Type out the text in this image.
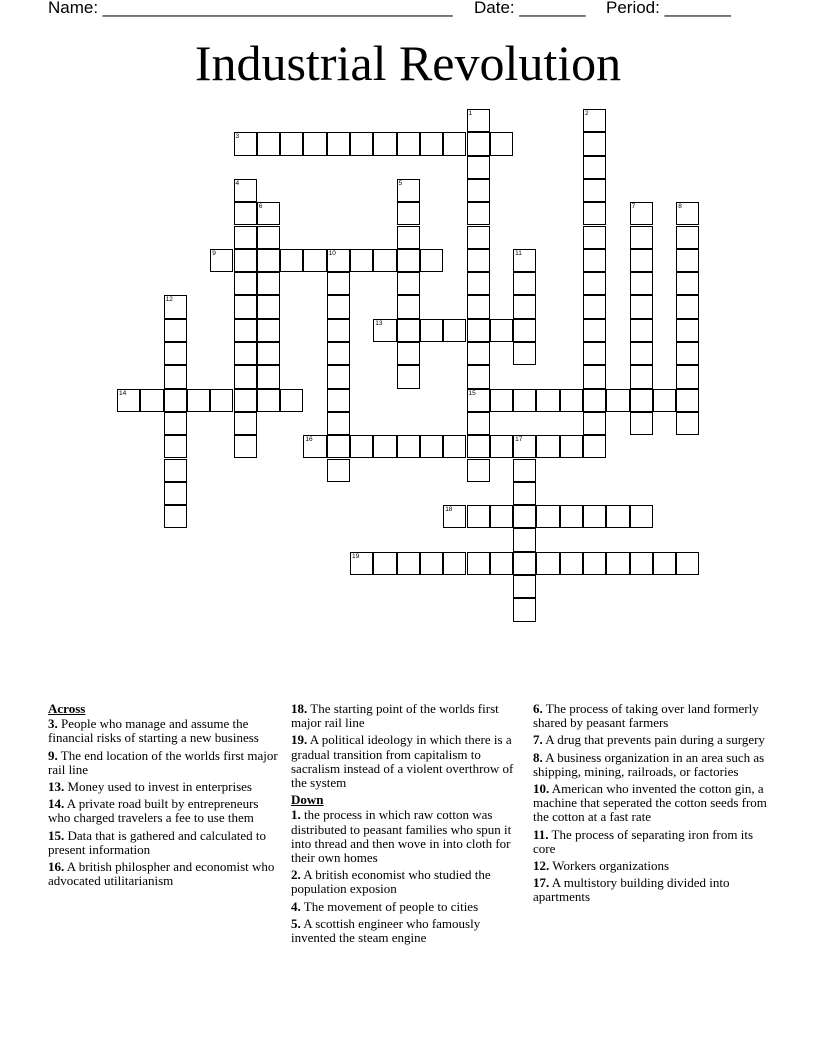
Name: _____________________________________ Date: _______ Period: _______
Industrial Revolution
1
15
2
3
4	5
6	7	8
9	10	11
12
13
14
16	17
18
19
Across
3. People who manage and assume the financial risks of starting a new business
9. The end location of the worlds first major rail line
13. Money used to invest in enterprises
14. A private road built by entrepreneurs who charged travelers a fee to use them
15. Data that is gathered and calculated to present information
16. A british philospher and economist who advocated utilitarianism
18. The starting point of the worlds first major rail line
19. A political ideology in which there is a gradual transition from capitalism to sacralism instead of a violent overthrow of the system
Down
1. the process in which raw cotton was distributed to peasant families who spun it into thread and then wove in into cloth for their own homes
2. A british economist who studied the population exposion
4. The movement of people to cities
5. A scottish engineer who famously invented the steam engine
6. The process of taking over land formerly shared by peasant farmers
7. A drug that prevents pain during a surgery
8. A business organization in an area such as shipping, mining, railroads, or factories
10. American who invented the cotton gin, a machine that seperated the cotton seeds from the cotton at a fast rate
11. The process of separating iron from its core
12. Workers organizations
17. A multistory building divided into apartments
